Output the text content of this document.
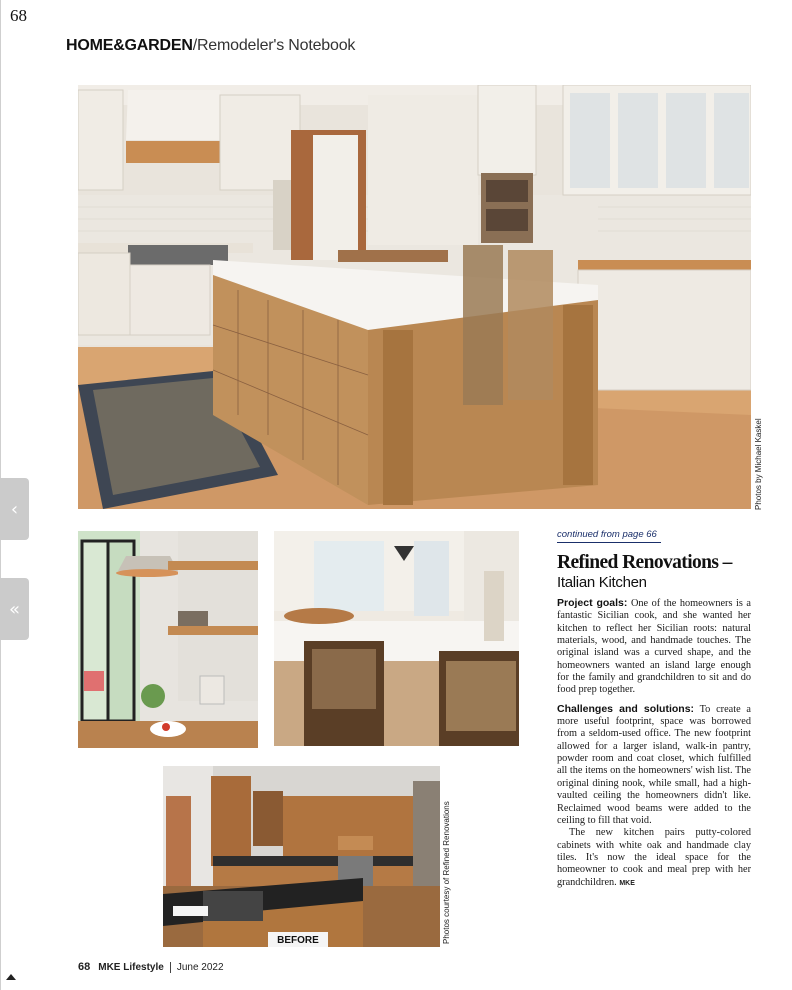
68
‹
«
HOME&GARDEN/Remodeler's Notebook
Photos by Michael Kaskel
BEFORE	Photos courtesy of Refined Renovations
continued from page 66
Refined Renovations –
Italian Kitchen

Project goals: One of the homeowners is a fantastic Sicilian cook, and she wanted her kitchen to reflect her Sicilian roots: natural materials, wood, and handmade touches. The original island was a curved shape, and the homeowners wanted an island large enough for the family and grandchildren to sit and do food prep together.

Challenges and solutions: To create a more useful footprint, space was borrowed from a seldom-used office. The new footprint allowed for a larger island, walk-in pantry, powder room and coat closet, which fulfilled all the items on the homeowners' wish list. The original dining nook, while small, had a high-vaulted ceiling the homeowners didn't like. Reclaimed wood beams were added to the ceiling to fill that void.

The new kitchen pairs putty-colored cabinets with white oak and handmade clay tiles. It's now the ideal space for the homeowner to cook and meal prep with her grandchildren. MKE

68 MKE Lifestyle June 2022
